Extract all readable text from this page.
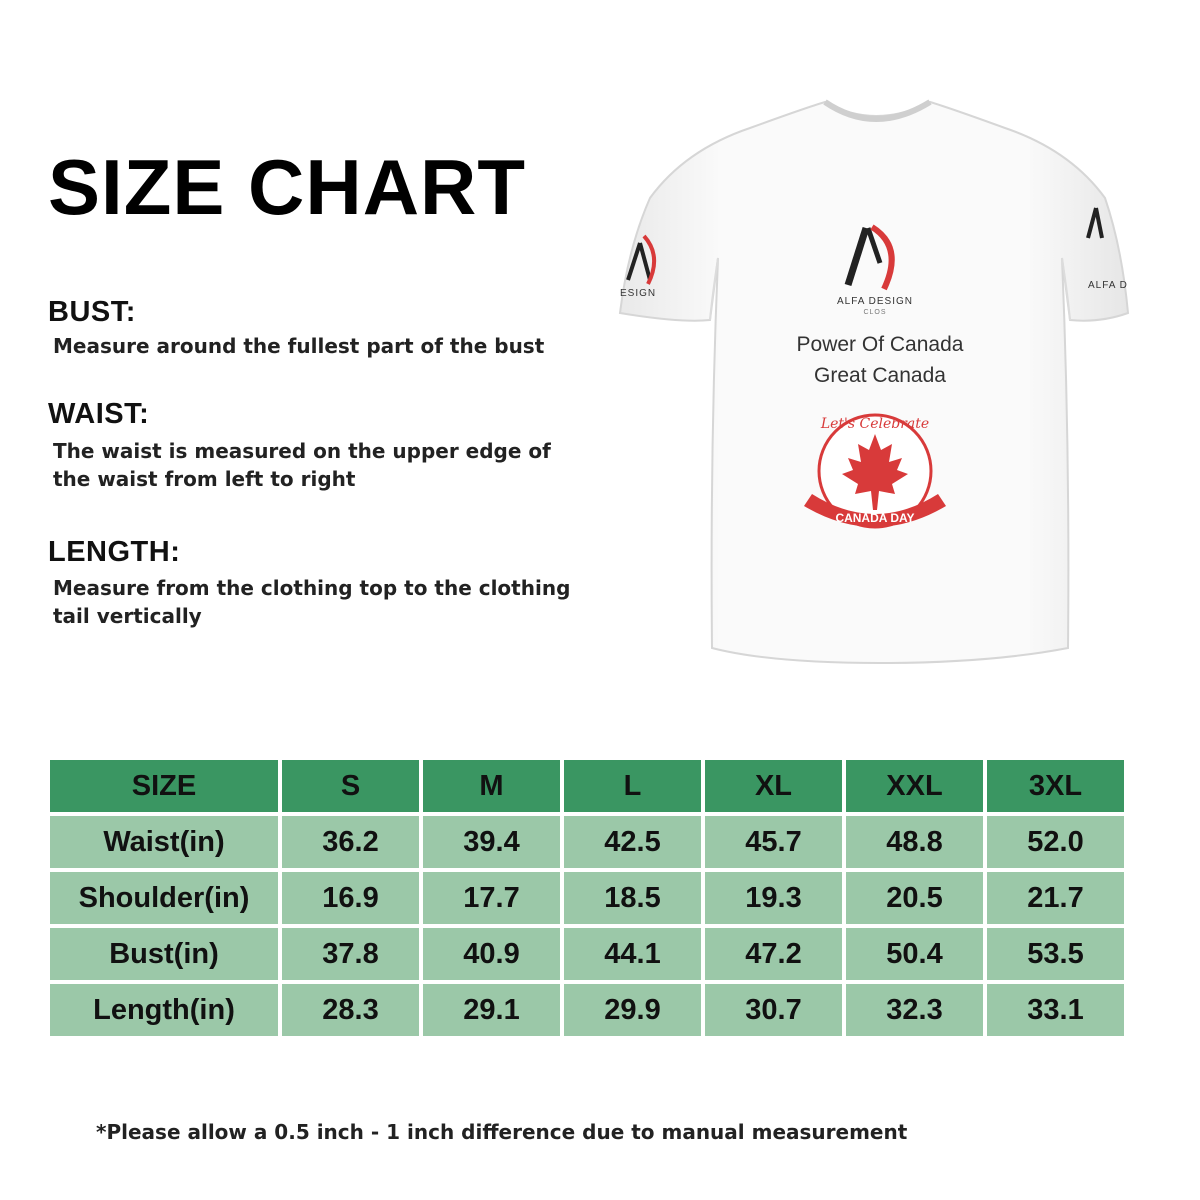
SIZE CHART
BUST:
Measure around the fullest part of the bust
WAIST:
The waist is measured on the upper edge of
the waist from left to right
LENGTH:
Measure from the clothing top to the clothing
tail vertically
ALFA DESIGN
CLOS
Power Of Canada
Great Canada
CANADA DAY
Let's Celebrate
ESIGN
ALFA D
SIZE	S	M	L	XL	XXL	3XL
Waist(in)	36.2	39.4	42.5	45.7	48.8	52.0
Shoulder(in)	16.9	17.7	18.5	19.3	20.5	21.7
Bust(in)	37.8	40.9	44.1	47.2	50.4	53.5
Length(in)	28.3	29.1	29.9	30.7	32.3	33.1
*Please allow a 0.5 inch - 1 inch difference due to manual measurement
